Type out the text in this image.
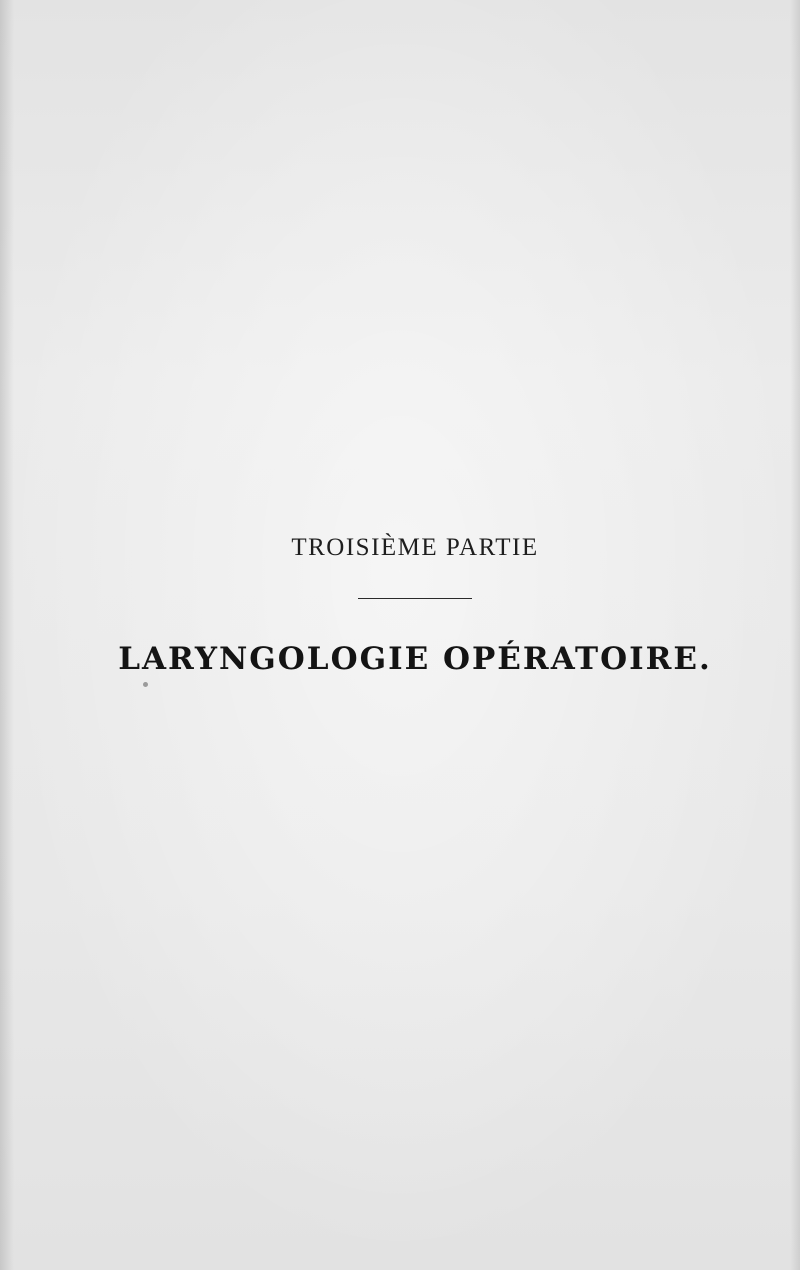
TROISIÈME PARTIE
LARYNGOLOGIE OPÉRATOIRE.
